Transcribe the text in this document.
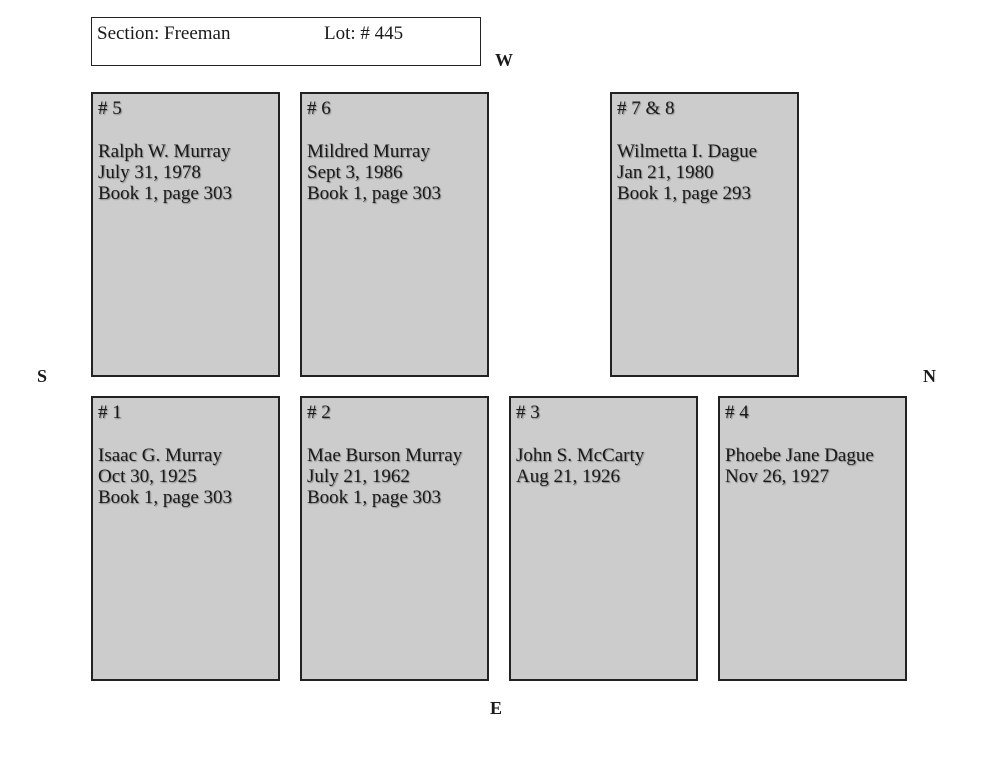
Section: Freeman	Lot: # 445
W
S	N
E
# 5
Ralph W. Murray
July 31, 1978
Book 1, page 303
# 6
Mildred Murray
Sept 3, 1986
Book 1, page 303
# 7 & 8
Wilmetta I. Dague
Jan 21, 1980
Book 1, page 293
# 1
Isaac G. Murray
Oct 30, 1925
Book 1, page 303
# 2
Mae Burson Murray
July 21, 1962
Book 1, page 303
# 3
John S. McCarty
Aug 21, 1926
# 4
Phoebe Jane Dague
Nov 26, 1927
